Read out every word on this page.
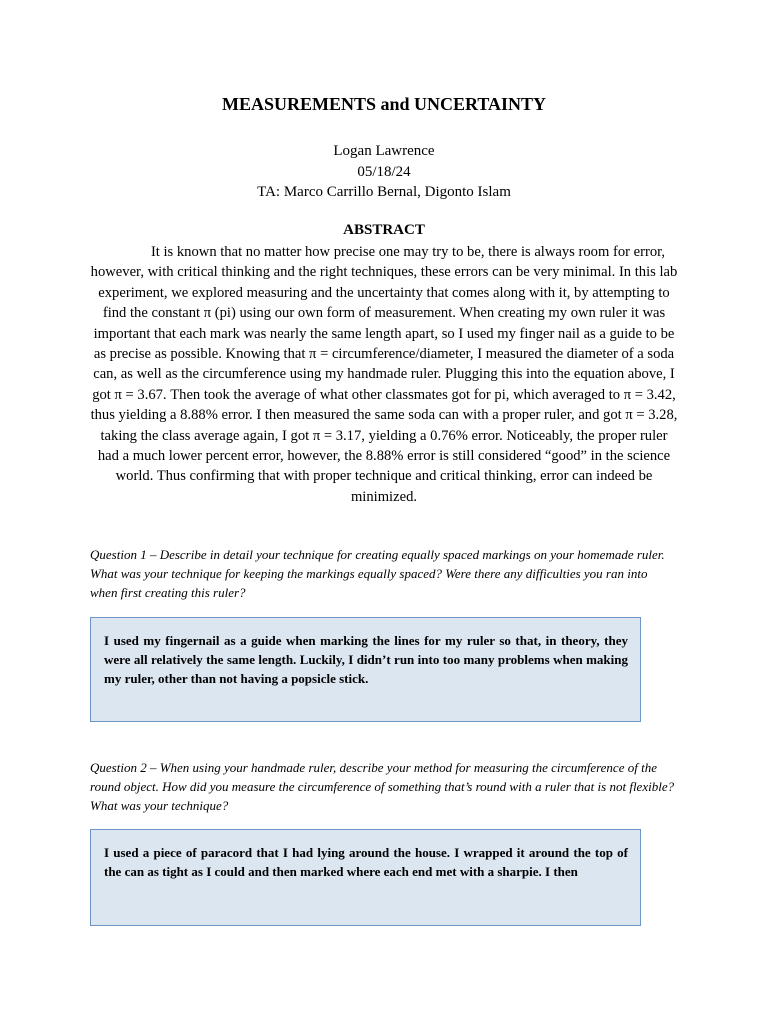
MEASUREMENTS and UNCERTAINTY
Logan Lawrence
05/18/24
TA: Marco Carrillo Bernal, Digonto Islam
ABSTRACT

It is known that no matter how precise one may try to be, there is always room for error, however, with critical thinking and the right techniques, these errors can be very minimal. In this lab experiment, we explored measuring and the uncertainty that comes along with it, by attempting to find the constant π (pi) using our own form of measurement. When creating my own ruler it was important that each mark was nearly the same length apart, so I used my finger nail as a guide to be as precise as possible. Knowing that π = circumference/diameter, I measured the diameter of a soda can, as well as the circumference using my handmade ruler. Plugging this into the equation above, I got π = 3.67. Then took the average of what other classmates got for pi, which averaged to π = 3.42, thus yielding a 8.88% error. I then measured the same soda can with a proper ruler, and got π = 3.28, taking the class average again, I got π = 3.17, yielding a 0.76% error. Noticeably, the proper ruler had a much lower percent error, however, the 8.88% error is still considered “good” in the science world. Thus confirming that with proper technique and critical thinking, error can indeed be minimized.

Question 1 – Describe in detail your technique for creating equally spaced markings on your homemade ruler. What was your technique for keeping the markings equally spaced? Were there any difficulties you ran into when first creating this ruler?

I used my fingernail as a guide when marking the lines for my ruler so that, in theory, they were all relatively the same length. Luckily, I didn’t run into too many problems when making my ruler, other than not having a popsicle stick.

Question 2 – When using your handmade ruler, describe your method for measuring the circumference of the round object. How did you measure the circumference of something that’s round with a ruler that is not flexible? What was your technique?

I used a piece of paracord that I had lying around the house. I wrapped it around the top of the can as tight as I could and then marked where each end met with a sharpie. I then
